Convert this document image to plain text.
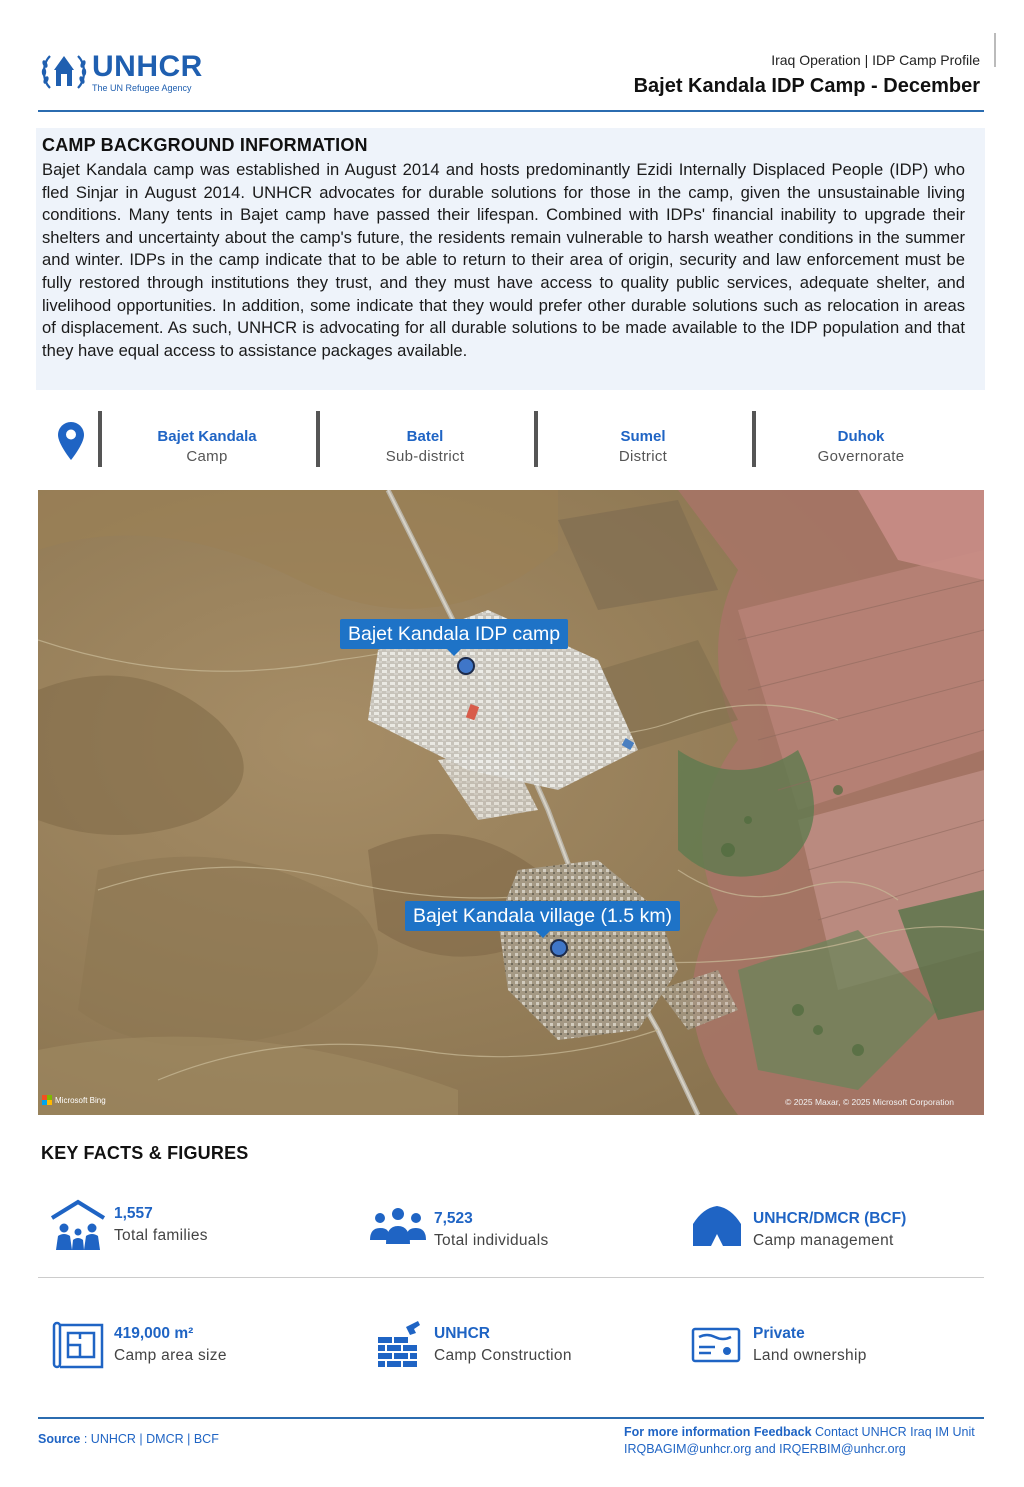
UNHCR
The UN Refugee Agency
Iraq Operation | IDP Camp Profile
Bajet Kandala IDP Camp - December
CAMP BACKGROUND INFORMATION
Bajet Kandala camp was established in August 2014 and hosts predominantly Ezidi Internally Displaced People (IDP) who fled Sinjar in August 2014. UNHCR advocates for durable solutions for those in the camp, given the unsustainable living conditions. Many tents in Bajet camp have passed their lifespan. Combined with IDPs' financial inability to upgrade their shelters and uncertainty about the camp's future, the residents remain vulnerable to harsh weather conditions in the summer and winter. IDPs in the camp indicate that to be able to return to their area of origin, security and law enforcement must be fully restored through institutions they trust, and they must have access to quality public services, adequate shelter, and livelihood opportunities. In addition, some indicate that they would prefer other durable solutions such as relocation in areas of displacement. As such, UNHCR is advocating for all durable solutions to be made available to the IDP population and that they have equal access to assistance packages available.
Bajet Kandala
Camp
Batel
Sub-district
Sumel
District
Duhok
Governorate
Bajet Kandala IDP camp
Bajet Kandala village (1.5 km)
Microsoft Bing	© 2025 Maxar, © 2025 Microsoft Corporation
KEY FACTS & FIGURES
1,557
Total families
7,523
Total individuals
UNHCR/DMCR (BCF)
Camp management
419,000 m²
Camp area size
UNHCR
Camp Construction
Private
Land ownership
Source : UNHCR | DMCR | BCF	For more information Feedback Contact UNHCR Iraq IM Unit IRQBAGIM@unhcr.org and IRQERBIM@unhcr.org
